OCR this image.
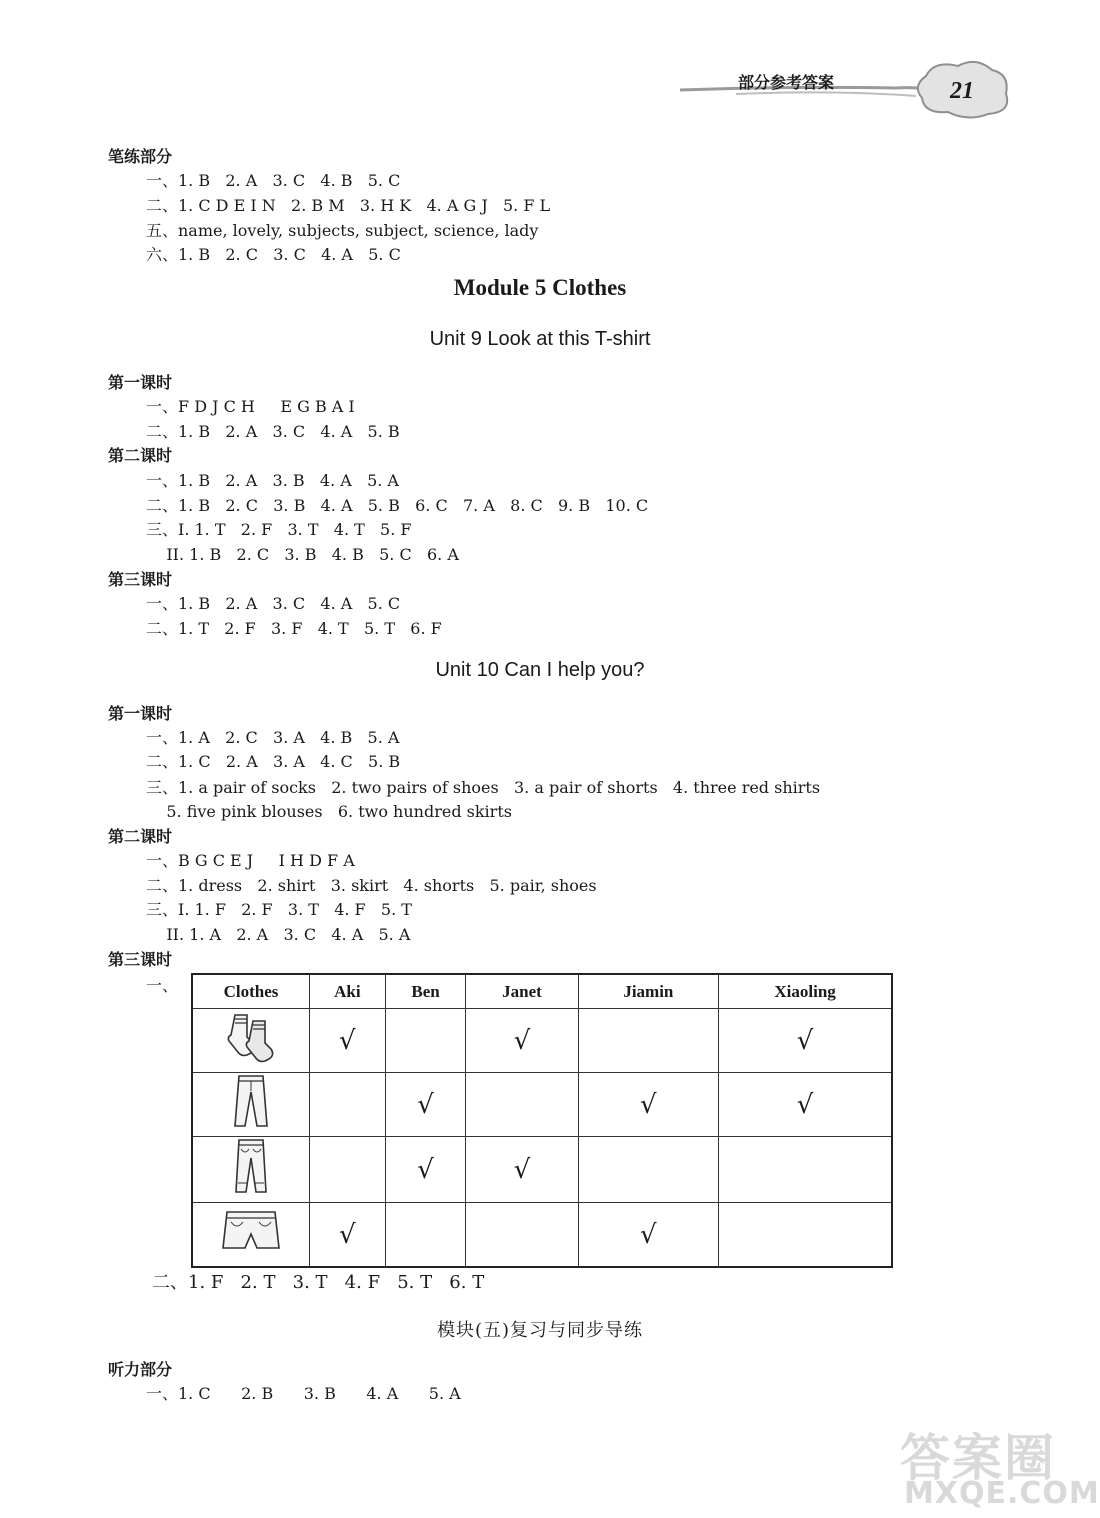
部分参考答案	21
笔练部分
一、1. B   2. A   3. C   4. B   5. C
二、1. C D E I N   2. B M   3. H K   4. A G J   5. F L
五、name, lovely, subjects, subject, science, lady
六、1. B   2. C   3. C   4. A   5. C
Module 5 Clothes
Unit 9 Look at this T-shirt
第一课时
一、F D J C H     E G B A I
二、1. B   2. A   3. C   4. A   5. B
第二课时
一、1. B   2. A   3. B   4. A   5. A
二、1. B   2. C   3. B   4. A   5. B   6. C   7. A   8. C   9. B   10. C
三、I. 1. T   2. F   3. T   4. T   5. F
II. 1. B   2. C   3. B   4. B   5. C   6. A
第三课时
一、1. B   2. A   3. C   4. A   5. C
二、1. T   2. F   3. F   4. T   5. T   6. F
Unit 10 Can I help you?
第一课时
一、1. A   2. C   3. A   4. B   5. A
二、1. C   2. A   3. A   4. C   5. B
三、1. a pair of socks   2. two pairs of shoes   3. a pair of shorts   4. three red shirts
5. five pink blouses   6. two hundred skirts
第二课时
一、B G C E J     I H D F A
二、1. dress   2. shirt   3. skirt   4. shorts   5. pair, shoes
三、I. 1. F   2. F   3. T   4. F   5. T
II. 1. A   2. A   3. C   4. A   5. A
第三课时
一、	Clothes	Aki	Ben	Janet	Jiamin	Xiaoling
	√		√		√
		√		√	√
		√	√		
	√			√	
二、1. F   2. T   3. T   4. F   5. T   6. T
模块(五)复习与同步导练
听力部分
一、1. C      2. B      3. B      4. A      5. A
答案圈
MXQE.COM
